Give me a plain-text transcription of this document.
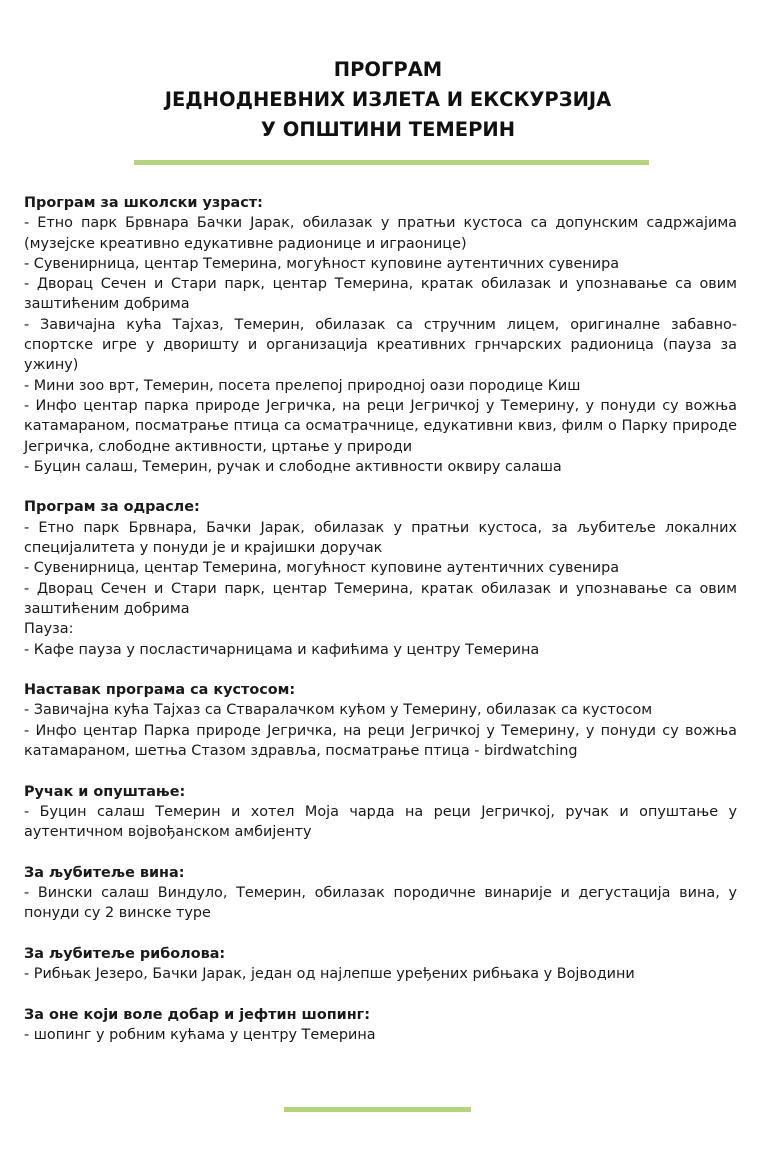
ПРОГРАМ
ЈЕДНОДНЕВНИХ ИЗЛЕТА И ЕКСКУРЗИЈА
У ОПШТИНИ ТЕМЕРИН

Програм за школски узраст:

- Етно парк Брвнара Бачки Јарак, обилазак у пратњи кустоса са допунским садржајима (музејске креативно едукативне радионице и играонице)

- Сувенирница, центар Темерина, могућност куповине аутентичних сувенира

- Дворац Сечен и Стари парк, центар Темерина, кратак обилазак и упознавање са овим заштићеним добрима

- Завичајна кућа Тајхаз, Темерин, обилазак са стручним лицем, оригиналне забавно-спортске игре у дворишту и организација креативних грнчарских радионица (пауза за ужину)

- Мини зоо врт, Темерин, посета прелепој природној оази породице Киш

- Инфо центар парка природе Јегричка, на реци Јегричкој у Темерину, у понуди су вожња катамараном, посматрање птица са осматрачнице, едукативни квиз, филм о Парку природе Јегричка, слободне активности, цртање у природи

- Буцин салаш, Темерин, ручак и слободне активности оквиру салаша

Програм за одрасле:

- Етно парк Брвнара, Бачки Јарак, обилазак у пратњи кустоса, за љубитеље локалних специјалитета у понуди је и крајишки доручак

- Сувенирница, центар Темерина, могућност куповине аутентичних сувенира

- Дворац Сечен и Стари парк, центар Темерина, кратак обилазак и упознавање са овим заштићеним добрима

Пауза:

- Кафе пауза у посластичарницама и кафићима у центру Темерина

Наставак програма са кустосом:

- Завичајна кућа Тајхаз са Стваралачком кућом у Темерину, обилазак са кустосом

- Инфо центар Парка природе Јегричка, на реци Јегричкој у Темерину, у понуди су вожња катамараном, шетња Стазом здравља, посматрање птица - birdwatching

Ручак и опуштање:

- Буцин салаш Темерин и хотел Моја чарда на реци Јегричкој, ручак и опуштање у аутентичном војвођанском амбијенту

За љубитеље вина:

- Вински салаш Виндуло, Темерин, обилазак породичне винарије и дегустација вина, у понуди су 2 винске туре

За љубитеље риболова:

- Рибњак Језеро, Бачки Јарак, један од најлепше уређених рибњака у Војводини

За оне који воле добар и јефтин шопинг:

- шопинг у робним кућама у центру Темерина
